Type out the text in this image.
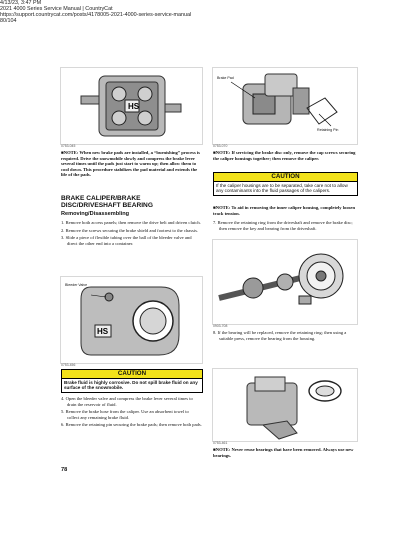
4/13/23, 3:47 PM
2021 4000 Series Service Manual | CountryCat
HS
0753-045
■NOTE: When new brake pads are installed, a “burnishing” process is required. Drive the snowmobile slowly and compress the brake lever several times until the pads just start to warm up; then allow them to cool down. This procedure stabilizes the pad material and extends the life of the pads.
BRAKE CALIPER/BRAKE DISC/DRIVESHAFT BEARING
Removing/Disassembling
1. Remove both access panels; then remove the drive belt and driven clutch.
2. Remove the screws securing the brake shield and footrest to the chassis.
3. Slide a piece of flexible tubing over the ball of the bleeder valve and direct the other end into a container.
HS
Bleeder Valve
0753-456
CAUTION
Brake fluid is highly corrosive. Do not spill brake fluid on any surface of the snowmobile.
4. Open the bleeder valve and compress the brake lever several times to drain the reservoir of fluid.
5. Remove the brake hose from the caliper. Use an absorbent towel to collect any remaining brake fluid.
6. Remove the retaining pin securing the brake pads; then remove both pads.
78
Brake Pad
Retaining Pin
0753-070
■NOTE: If servicing the brake disc only, remove the cap screws securing the caliper housings together; then remove the caliper.
CAUTION
If the caliper housings are to be separated, take care not to allow any contaminants into the fluid passages of the calipers.
■NOTE: To aid in removing the inner caliper housing, completely loosen track tension.
7. Remove the retaining ring from the driveshaft and remove the brake disc; then remove the key and bearing from the driveshaft.
0903-708
8. If the bearing will be replaced, remove the retaining ring; then using a suitable press, remove the bearing from the housing.
0753-461
■NOTE: Never reuse bearings that have been removed. Always use new bearings.
https://support.countrycat.com/posts/4178005-2021-4000-series-service-manual
80/104
